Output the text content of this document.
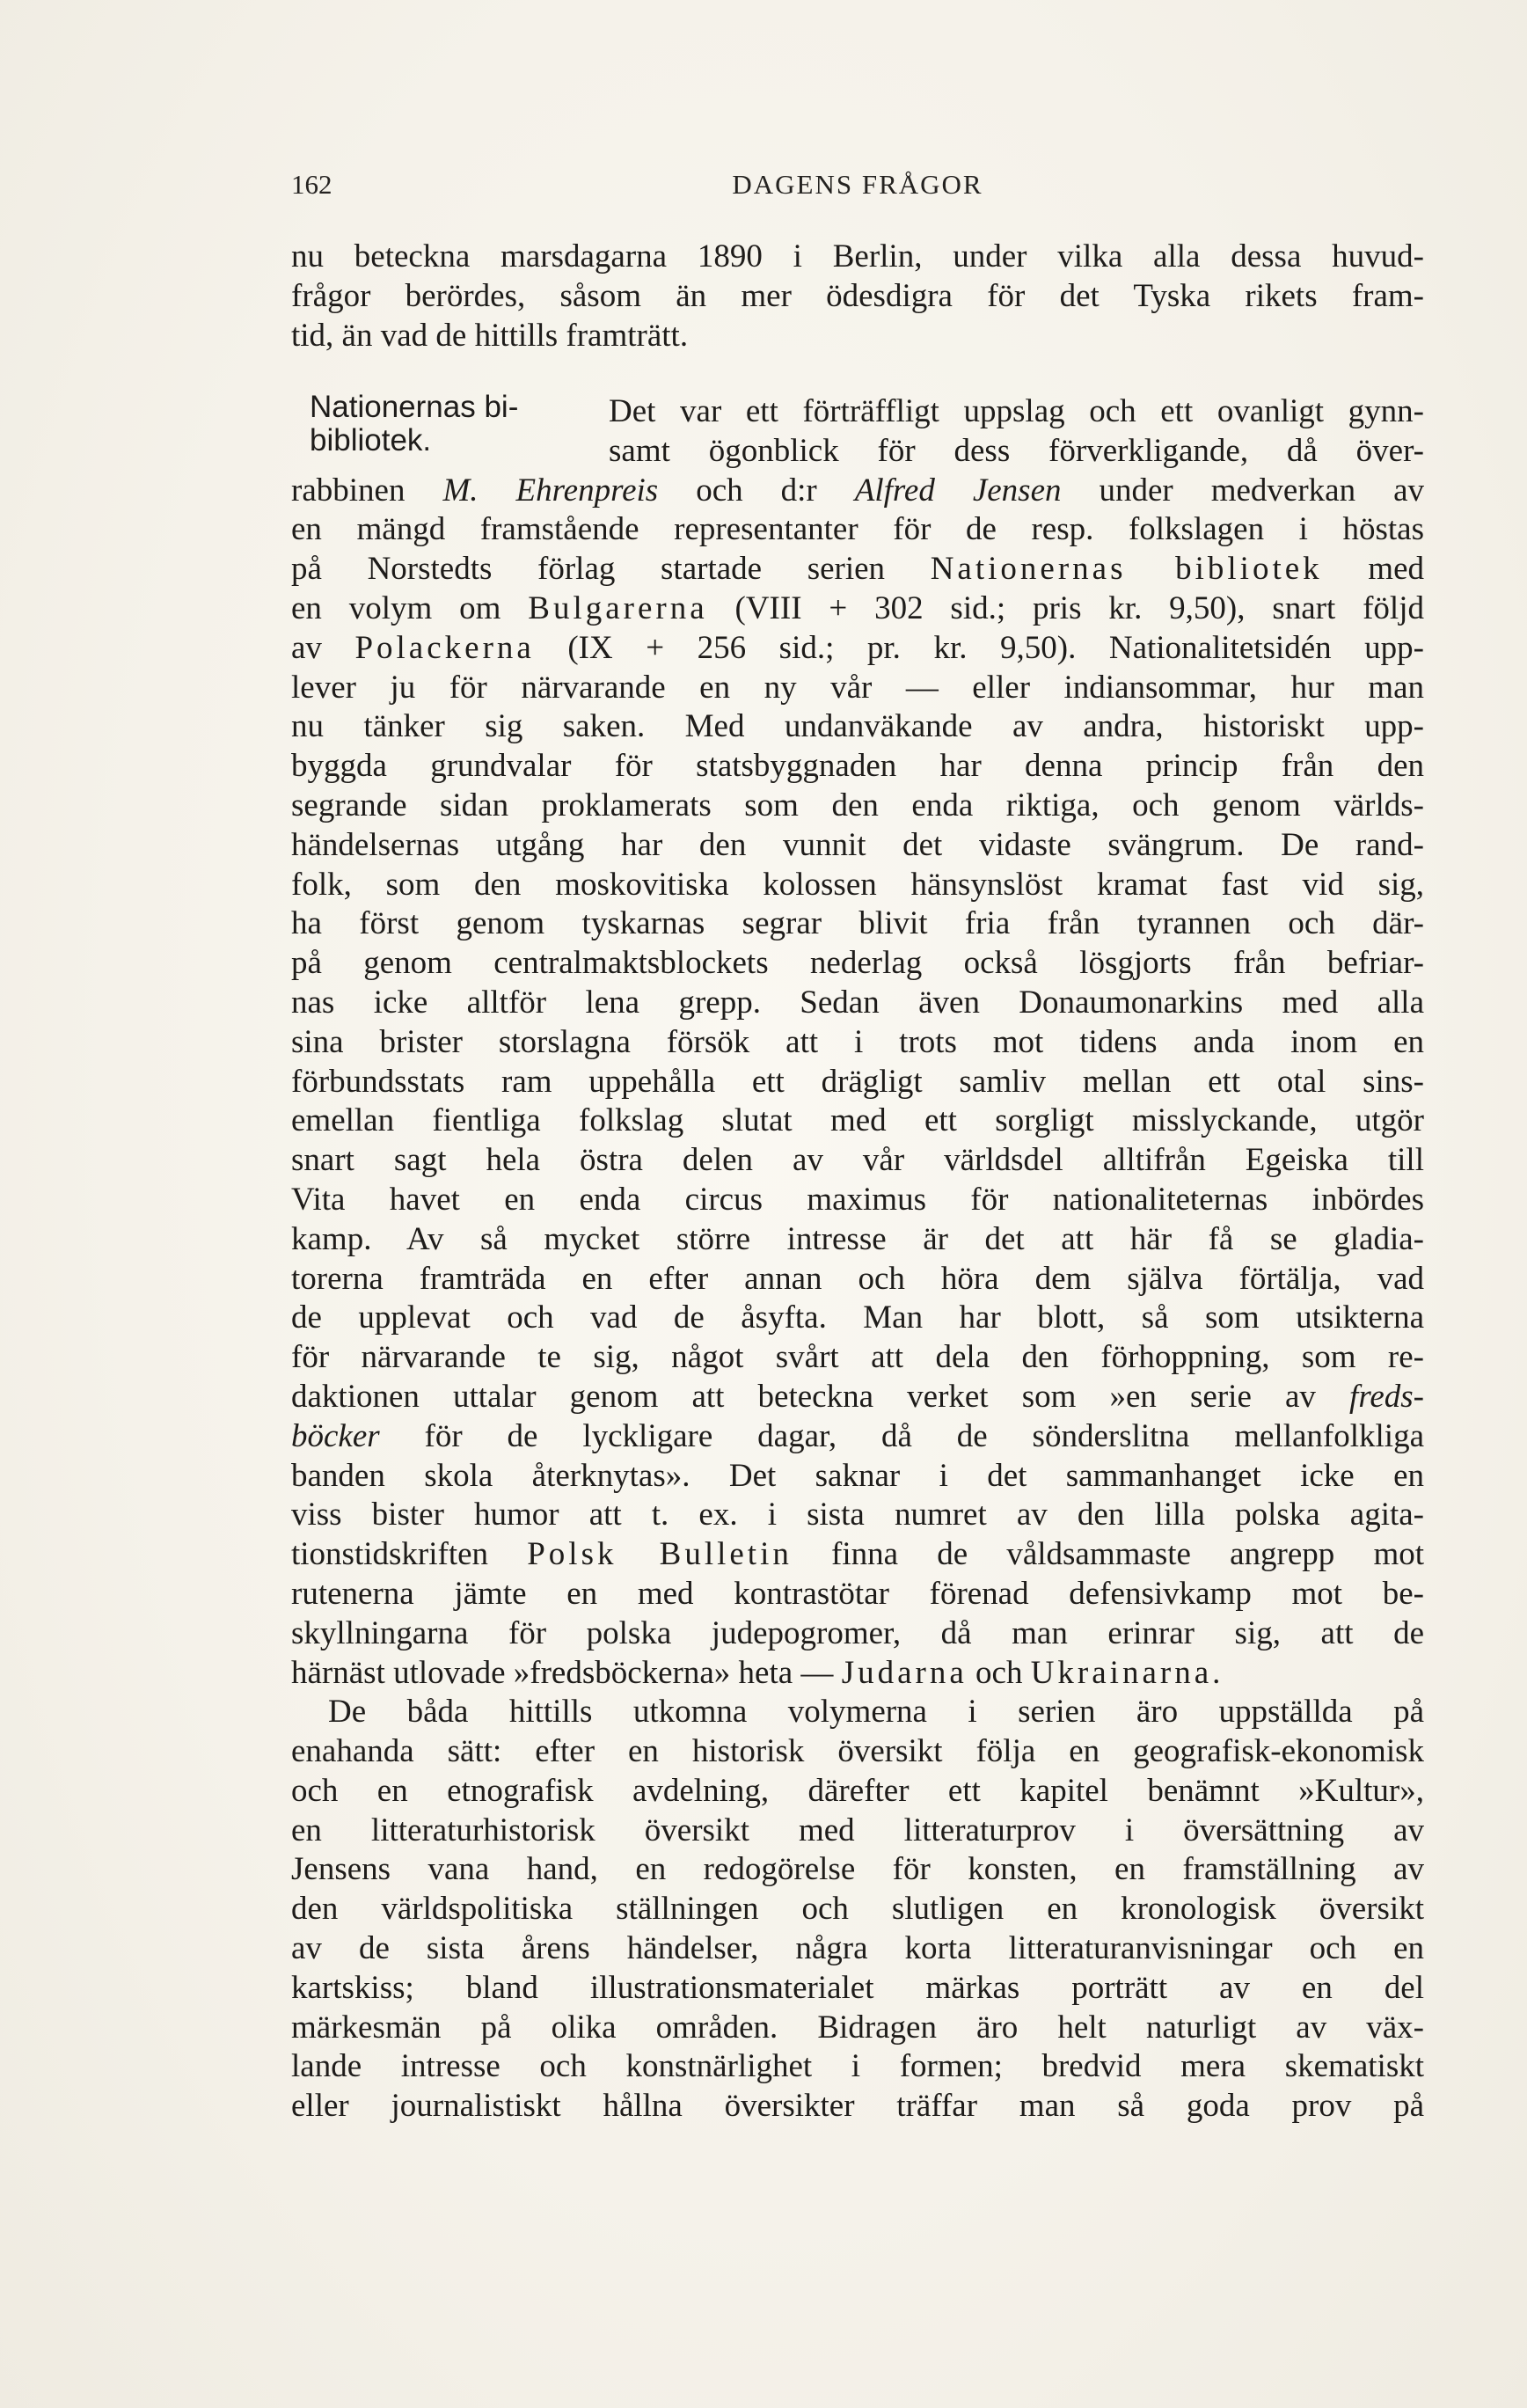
162	DAGENS FRÅGOR
nu beteckna marsdagarna 1890 i Berlin, under vilka alla dessa huvud-
frågor berördes, såsom än mer ödesdigra för det Tyska rikets fram-
tid, än vad de hittills framträtt.
Nationernas bi-
bibliotek.
Det var ett förträffligt uppslag och ett ovanligt gynn-
samt ögonblick för dess förverkligande, då över-
rabbinen M. Ehrenpreis och d:r Alfred Jensen under medverkan av
en mängd framstående representanter för de resp. folkslagen i höstas
på Norstedts förlag startade serien Nationernas bibliotek med
en volym om Bulgarerna (VIII + 302 sid.; pris kr. 9,50), snart följd
av Polackerna (IX + 256 sid.; pr. kr. 9,50). Nationalitetsidén upp-
lever ju för närvarande en ny vår — eller indiansommar, hur man
nu tänker sig saken. Med undanväkande av andra, historiskt upp-
byggda grundvalar för statsbyggnaden har denna princip från den
segrande sidan proklamerats som den enda riktiga, och genom världs-
händelsernas utgång har den vunnit det vidaste svängrum. De rand-
folk, som den moskovitiska kolossen hänsynslöst kramat fast vid sig,
ha först genom tyskarnas segrar blivit fria från tyrannen och där-
på genom centralmaktsblockets nederlag också lösgjorts från befriar-
nas icke alltför lena grepp. Sedan även Donaumonarkins med alla
sina brister storslagna försök att i trots mot tidens anda inom en
förbundsstats ram uppehålla ett drägligt samliv mellan ett otal sins-
emellan fientliga folkslag slutat med ett sorgligt misslyckande, utgör
snart sagt hela östra delen av vår världsdel alltifrån Egeiska till
Vita havet en enda circus maximus för nationaliteternas inbördes
kamp. Av så mycket större intresse är det att här få se gladia-
torerna framträda en efter annan och höra dem själva förtälja, vad
de upplevat och vad de åsyfta. Man har blott, så som utsikterna
för närvarande te sig, något svårt att dela den förhoppning, som re-
daktionen uttalar genom att beteckna verket som »en serie av freds-
böcker för de lyckligare dagar, då de sönderslitna mellanfolkliga
banden skola återknytas». Det saknar i det sammanhanget icke en
viss bister humor att t. ex. i sista numret av den lilla polska agita-
tionstidskriften Polsk Bulletin finna de våldsammaste angrepp mot
rutenerna jämte en med kontrastötar förenad defensivkamp mot be-
skyllningarna för polska judepogromer, då man erinrar sig, att de
härnäst utlovade »fredsböckerna» heta — Judarna och Ukrainarna.
De båda hittills utkomna volymerna i serien äro uppställda på
enahanda sätt: efter en historisk översikt följa en geografisk-ekonomisk
och en etnografisk avdelning, därefter ett kapitel benämnt »Kultur»,
en litteraturhistorisk översikt med litteraturprov i översättning av
Jensens vana hand, en redogörelse för konsten, en framställning av
den världspolitiska ställningen och slutligen en kronologisk översikt
av de sista årens händelser, några korta litteraturanvisningar och en
kartskiss; bland illustrationsmaterialet märkas porträtt av en del
märkesmän på olika områden. Bidragen äro helt naturligt av väx-
lande intresse och konstnärlighet i formen; bredvid mera skematiskt
eller journalistiskt hållna översikter träffar man så goda prov på
